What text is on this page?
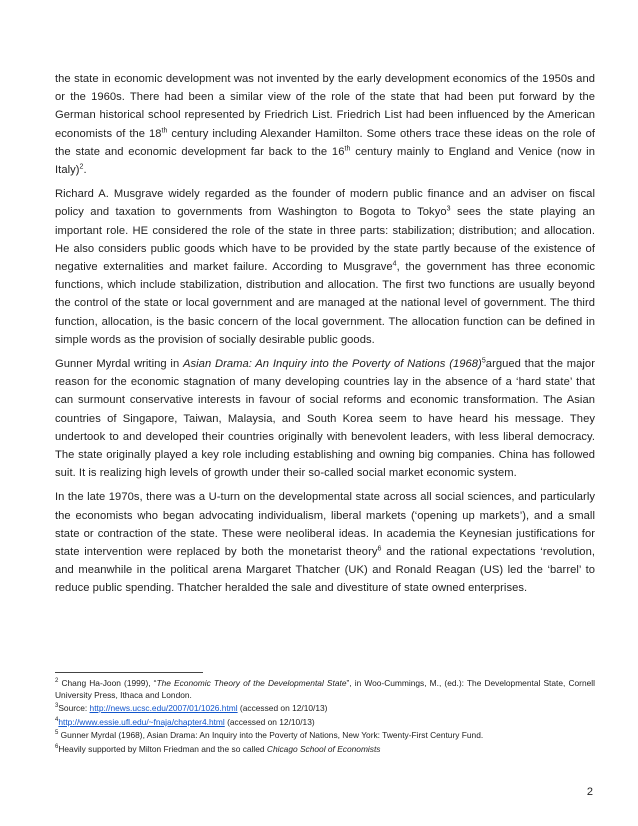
the state in economic development was not invented by the early development economics of the 1950s and or the 1960s. There had been a similar view of the role of the state that had been put forward by the German historical school represented by Friedrich List. Friedrich List had been influenced by the American economists of the 18th century including Alexander Hamilton. Some others trace these ideas on the role of the state and economic development far back to the 16th century mainly to England and Venice (now in Italy)$^2$.

Richard A. Musgrave widely regarded as the founder of modern public finance and an adviser on fiscal policy and taxation to governments from Washington to Bogota to Tokyo$^3$ sees the state playing an important role. HE considered the role of the state in three parts: stabilization; distribution; and allocation. He also considers public goods which have to be provided by the state partly because of the existence of negative externalities and market failure. According to Musgrave$^4$, the government has three economic functions, which include stabilization, distribution and allocation. The first two functions are usually beyond the control of the state or local government and are managed at the national level of government. The third function, allocation, is the basic concern of the local government. The allocation function can be defined in simple words as the provision of socially desirable public goods.

Gunner Myrdal writing in Asian Drama: An Inquiry into the Poverty of Nations $(1968)^5argued$ that the major reason for the economic stagnation of many developing countries lay in the absence of a ‘hard state’ that can surmount conservative interests in favour of social reforms and economic transformation. The Asian countries of Singapore, Taiwan, Malaysia, and South Korea seem to have heard his message. They undertook to and developed their countries originally with benevolent leaders, with less liberal democracy. The state originally played a key role including establishing and owning big companies. China has followed suit. It is realizing high levels of growth under their so-called social market economic system.

In the late 1970s, there was a U-turn on the developmental state across all social sciences, and particularly the economists who began advocating individualism, liberal markets (‘opening up markets’), and a small state or contraction of the state. These were neoliberal ideas. In academia the Keynesian justifications for state intervention were replaced by both the monetarist theory$^6$ and the rational expectations ‘revolution, and meanwhile in the political arena Margaret Thatcher (UK) and Ronald Reagan (US) led the ‘barrel’ to reduce public spending. Thatcher heralded the sale and divestiture of state owned enterprises.

$^2$ Chang Ha-Joon (1999), “The Economic Theory of the Developmental State”, in Woo-Cummings, M., (ed.): The Developmental State, Cornell University Press, Ithaca and London.

$^3$Source: http://news.ucsc.edu/2007/01/1026.html (accessed on 12/10/13)

$^4$http://www.essie.ufl.edu/~fnaja/chapter4.html (accessed on 12/10/13)

$^5$ Gunner Myrdal (1968), Asian Drama: An Inquiry into the Poverty of Nations, New York: Twenty-First Century Fund.

$^6$Heavily supported by Milton Friedman and the so called Chicago School of Economists

2
